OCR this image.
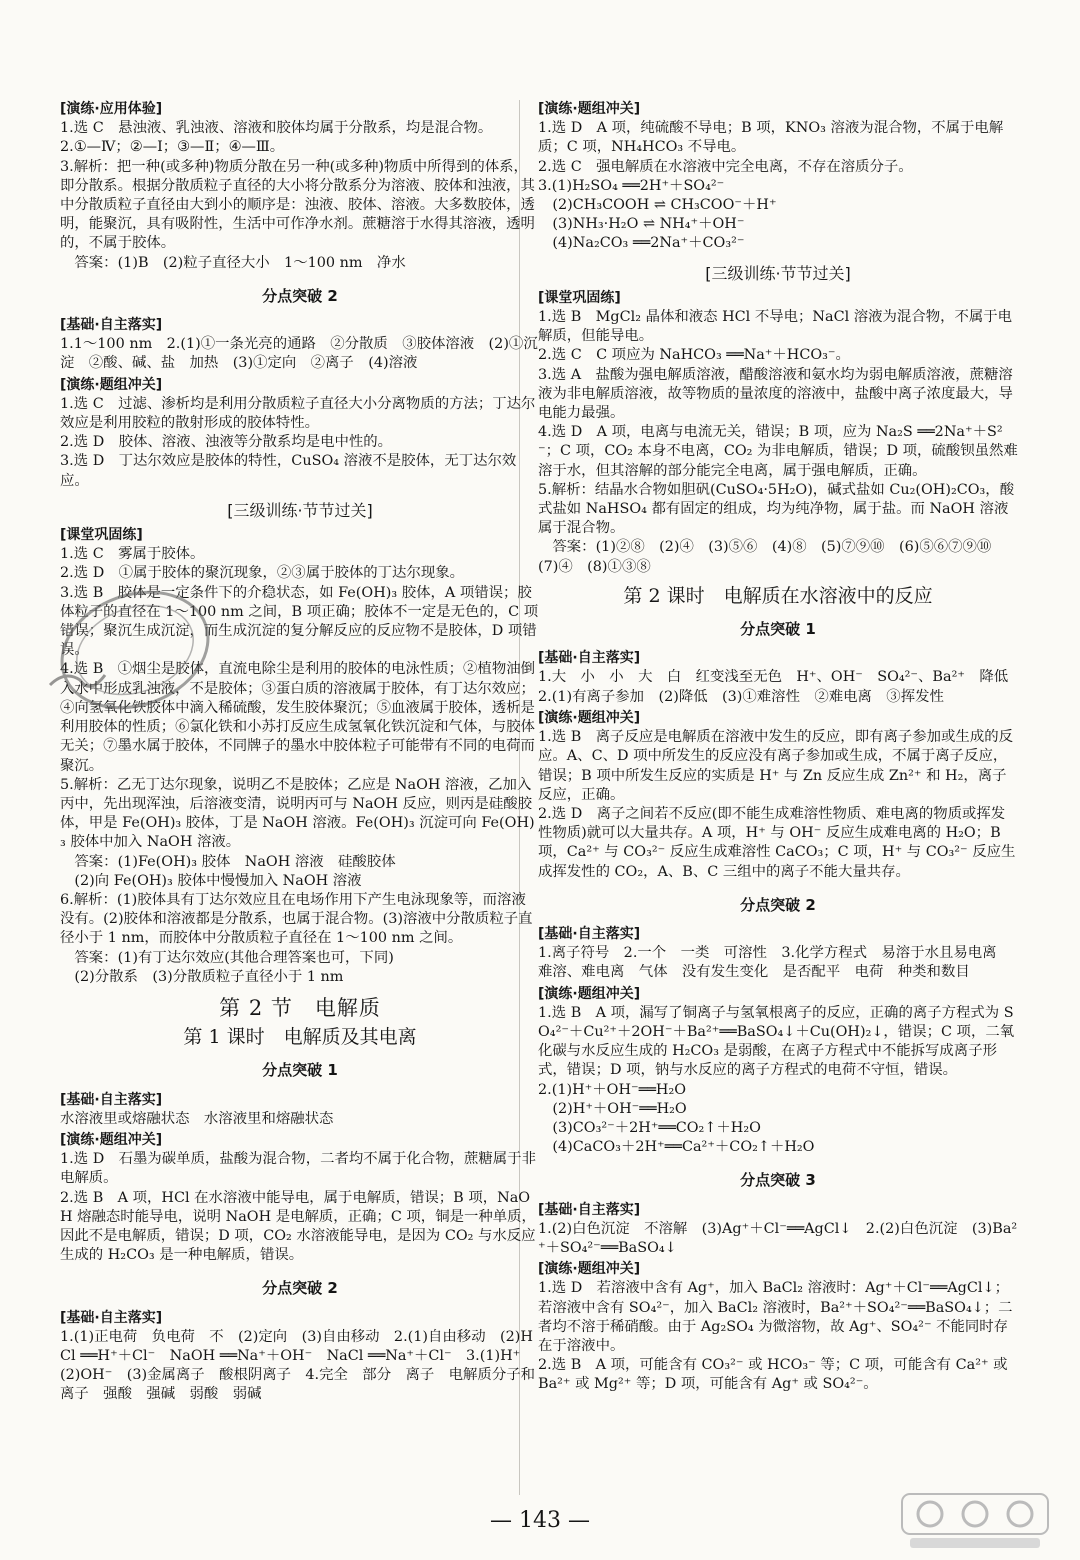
[演练·应用体验]
1.选 C　悬浊液、乳浊液、溶液和胶体均属于分散系，均是混合物。
2.①—Ⅳ；②—Ⅰ；③—Ⅱ；④—Ⅲ。
3.解析：把一种(或多种)物质分散在另一种(或多种)物质中所得到的体系，即分散系。根据分散质粒子直径的大小将分散系分为溶液、胶体和浊液，其中分散质粒子直径由大到小的顺序是：浊液、胶体、溶液。大多数胶体，透明，能聚沉，具有吸附性，生活中可作净水剂。蔗糖溶于水得其溶液，透明的，不属于胶体。
　答案：(1)B　(2)粒子直径大小　1～100 nm　净水
分点突破 2
[基础·自主落实]
1.1～100 nm　2.(1)①一条光亮的通路　②分散质　③胶体溶液　(2)①沉淀　②酸、碱、盐　加热　(3)①定向　②离子　(4)溶液
[演练·题组冲关]
1.选 C　过滤、渗析均是利用分散质粒子直径大小分离物质的方法；丁达尔效应是利用胶粒的散射形成的胶体特性。
2.选 D　胶体、溶液、浊液等分散系均是电中性的。
3.选 D　丁达尔效应是胶体的特性，CuSO₄ 溶液不是胶体，无丁达尔效应。
[三级训练·节节过关]
[课堂巩固练]
1.选 C　雾属于胶体。
2.选 D　①属于胶体的聚沉现象，②③属于胶体的丁达尔现象。
3.选 B　胶体是一定条件下的介稳状态，如 Fe(OH)₃ 胶体，A 项错误；胶体粒子的直径在 1～100 nm 之间，B 项正确；胶体不一定是无色的，C 项错误；聚沉生成沉淀，而生成沉淀的复分解反应的反应物不是胶体，D 项错误。
4.选 B　①烟尘是胶体，直流电除尘是利用的胶体的电泳性质；②植物油倒入水中形成乳浊液，不是胶体；③蛋白质的溶液属于胶体，有丁达尔效应；④向氢氧化铁胶体中滴入稀硫酸，发生胶体聚沉；⑤血液属于胶体，透析是利用胶体的性质；⑥氯化铁和小苏打反应生成氢氧化铁沉淀和气体，与胶体无关；⑦墨水属于胶体，不同牌子的墨水中胶体粒子可能带有不同的电荷而聚沉。
5.解析：乙无丁达尔现象，说明乙不是胶体；乙应是 NaOH 溶液，乙加入丙中，先出现浑浊，后溶液变清，说明丙可与 NaOH 反应，则丙是硅酸胶体，甲是 Fe(OH)₃ 胶体，丁是 NaOH 溶液。Fe(OH)₃ 沉淀可向 Fe(OH)₃ 胶体中加入 NaOH 溶液。
　答案：(1)Fe(OH)₃ 胶体　NaOH 溶液　硅酸胶体
　(2)向 Fe(OH)₃ 胶体中慢慢加入 NaOH 溶液
6.解析：(1)胶体具有丁达尔效应且在电场作用下产生电泳现象等，而溶液没有。(2)胶体和溶液都是分散系，也属于混合物。(3)溶液中分散质粒子直径小于 1 nm，而胶体中分散质粒子直径在 1～100 nm 之间。
　答案：(1)有丁达尔效应(其他合理答案也可，下同)
　(2)分散系　(3)分散质粒子直径小于 1 nm
第 2 节　电解质
第 1 课时　电解质及其电离
分点突破 1
[基础·自主落实]
水溶液里或熔融状态　水溶液里和熔融状态
[演练·题组冲关]
1.选 D　石墨为碳单质，盐酸为混合物，二者均不属于化合物，蔗糖属于非电解质。
2.选 B　A 项，HCl 在水溶液中能导电，属于电解质，错误；B 项，NaOH 熔融态时能导电，说明 NaOH 是电解质，正确；C 项，铜是一种单质，因此不是电解质，错误；D 项，CO₂ 水溶液能导电，是因为 CO₂ 与水反应生成的 H₂CO₃ 是一种电解质，错误。
分点突破 2
[基础·自主落实]
1.(1)正电荷　负电荷　不　(2)定向　(3)自由移动　2.(1)自由移动　(2)HCl ══H⁺＋Cl⁻　NaOH ══Na⁺＋OH⁻　NaCl ══Na⁺＋Cl⁻　3.(1)H⁺　(2)OH⁻　(3)金属离子　酸根阴离子　4.完全　部分　离子　电解质分子和离子　强酸　强碱　弱酸　弱碱
[演练·题组冲关]
1.选 D　A 项，纯硫酸不导电；B 项，KNO₃ 溶液为混合物，不属于电解质；C 项，NH₄HCO₃ 不导电。
2.选 C　强电解质在水溶液中完全电离，不存在溶质分子。
3.(1)H₂SO₄ ══2H⁺＋SO₄²⁻
　(2)CH₃COOH ⇌ CH₃COO⁻＋H⁺
　(3)NH₃·H₂O ⇌ NH₄⁺＋OH⁻
　(4)Na₂CO₃ ══2Na⁺＋CO₃²⁻
[三级训练·节节过关]
[课堂巩固练]
1.选 B　MgCl₂ 晶体和液态 HCl 不导电；NaCl 溶液为混合物，不属于电解质，但能导电。
2.选 C　C 项应为 NaHCO₃ ══Na⁺＋HCO₃⁻。
3.选 A　盐酸为强电解质溶液，醋酸溶液和氨水均为弱电解质溶液，蔗糖溶液为非电解质溶液，故等物质的量浓度的溶液中，盐酸中离子浓度最大，导电能力最强。
4.选 D　A 项，电离与电流无关，错误；B 项，应为 Na₂S ══2Na⁺＋S²⁻；C 项，CO₂ 本身不电离，CO₂ 为非电解质，错误；D 项，硫酸钡虽然难溶于水，但其溶解的部分能完全电离，属于强电解质，正确。
5.解析：结晶水合物如胆矾(CuSO₄·5H₂O)，碱式盐如 Cu₂(OH)₂CO₃，酸式盐如 NaHSO₄ 都有固定的组成，均为纯净物，属于盐。而 NaOH 溶液属于混合物。
　答案：(1)②⑧　(2)④　(3)⑤⑥　(4)⑧　(5)⑦⑨⑩　(6)⑤⑥⑦⑨⑩　(7)④　(8)①③⑧
第 2 课时　电解质在水溶液中的反应
分点突破 1
[基础·自主落实]
1.大　小　小　大　白　红变浅至无色　H⁺、OH⁻　SO₄²⁻、Ba²⁺　降低　2.(1)有离子参加　(2)降低　(3)①难溶性　②难电离　③挥发性
[演练·题组冲关]
1.选 B　离子反应是电解质在溶液中发生的反应，即有离子参加或生成的反应。A、C、D 项中所发生的反应没有离子参加或生成，不属于离子反应，错误；B 项中所发生反应的实质是 H⁺ 与 Zn 反应生成 Zn²⁺ 和 H₂，离子反应，正确。
2.选 D　离子之间若不反应(即不能生成难溶性物质、难电离的物质或挥发性物质)就可以大量共存。A 项，H⁺ 与 OH⁻ 反应生成难电离的 H₂O；B 项，Ca²⁺ 与 CO₃²⁻ 反应生成难溶性 CaCO₃；C 项，H⁺ 与 CO₃²⁻ 反应生成挥发性的 CO₂，A、B、C 三组中的离子不能大量共存。
分点突破 2
[基础·自主落实]
1.离子符号　2.一个　一类　可溶性　3.化学方程式　易溶于水且易电离　难溶、难电离　气体　没有发生变化　是否配平　电荷　种类和数目
[演练·题组冲关]
1.选 B　A 项，漏写了铜离子与氢氧根离子的反应，正确的离子方程式为 SO₄²⁻＋Cu²⁺＋2OH⁻＋Ba²⁺══BaSO₄↓＋Cu(OH)₂↓，错误；C 项，二氧化碳与水反应生成的 H₂CO₃ 是弱酸，在离子方程式中不能拆写成离子形式，错误；D 项，钠与水反应的离子方程式的电荷不守恒，错误。
2.(1)H⁺＋OH⁻══H₂O
　(2)H⁺＋OH⁻══H₂O
　(3)CO₃²⁻＋2H⁺══CO₂↑＋H₂O
　(4)CaCO₃＋2H⁺══Ca²⁺＋CO₂↑＋H₂O
分点突破 3
[基础·自主落实]
1.(2)白色沉淀　不溶解　(3)Ag⁺＋Cl⁻══AgCl↓　2.(2)白色沉淀　(3)Ba²⁺＋SO₄²⁻══BaSO₄↓
[演练·题组冲关]
1.选 D　若溶液中含有 Ag⁺，加入 BaCl₂ 溶液时：Ag⁺＋Cl⁻══AgCl↓；若溶液中含有 SO₄²⁻，加入 BaCl₂ 溶液时，Ba²⁺＋SO₄²⁻══BaSO₄↓；二者均不溶于稀硝酸。由于 Ag₂SO₄ 为微溶物，故 Ag⁺、SO₄²⁻ 不能同时存在于溶液中。
2.选 B　A 项，可能含有 CO₃²⁻ 或 HCO₃⁻ 等；C 项，可能含有 Ca²⁺ 或 Ba²⁺ 或 Mg²⁺ 等；D 项，可能含有 Ag⁺ 或 SO₄²⁻。
— 143 —
